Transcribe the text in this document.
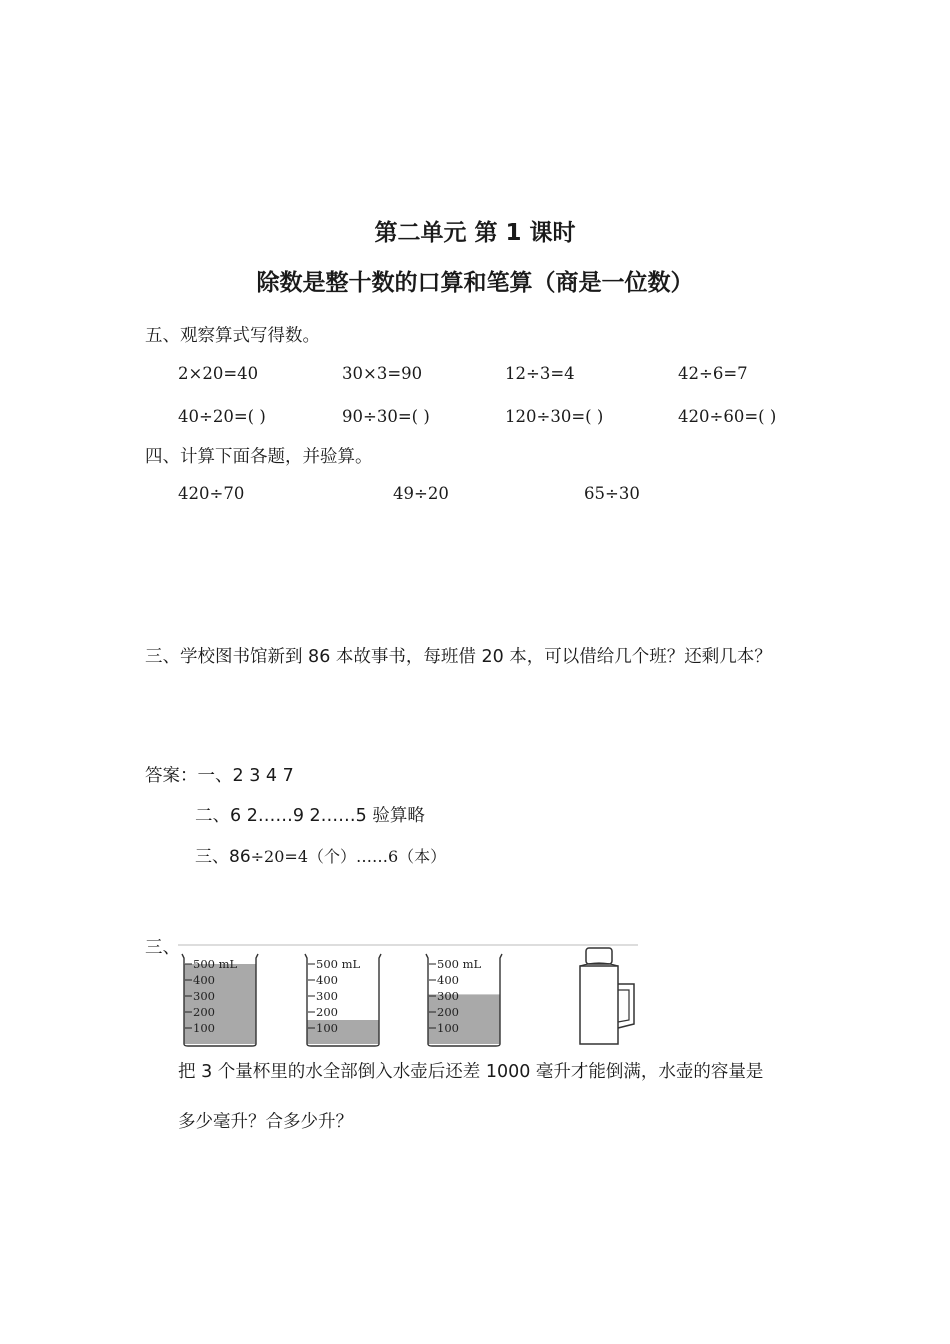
第二单元 第 1 课时
除数是整十数的口算和笔算（商是一位数）
五、观察算式写得数。
2×20=40	30×3=90	12÷3=4	42÷6=7
40÷20=( )	90÷30=( )	120÷30=( )	420÷60=( )
四、计算下面各题，并验算。
420÷70	49÷20	65÷30
三、学校图书馆新到 86 本故事书，每班借 20 本，可以借给几个班？还剩几本？
答案：一、2 3 4 7
二、6 2……9 2……5 验算略
三、86÷20=4（个）……6（本）
三、
500 mL
400
300
200
100
500 mL
400
300
200
100
500 mL
400
300
200
100
把 3 个量杯里的水全部倒入水壶后还差 1000 毫升才能倒满，水壶的容量是
多少毫升？合多少升？
